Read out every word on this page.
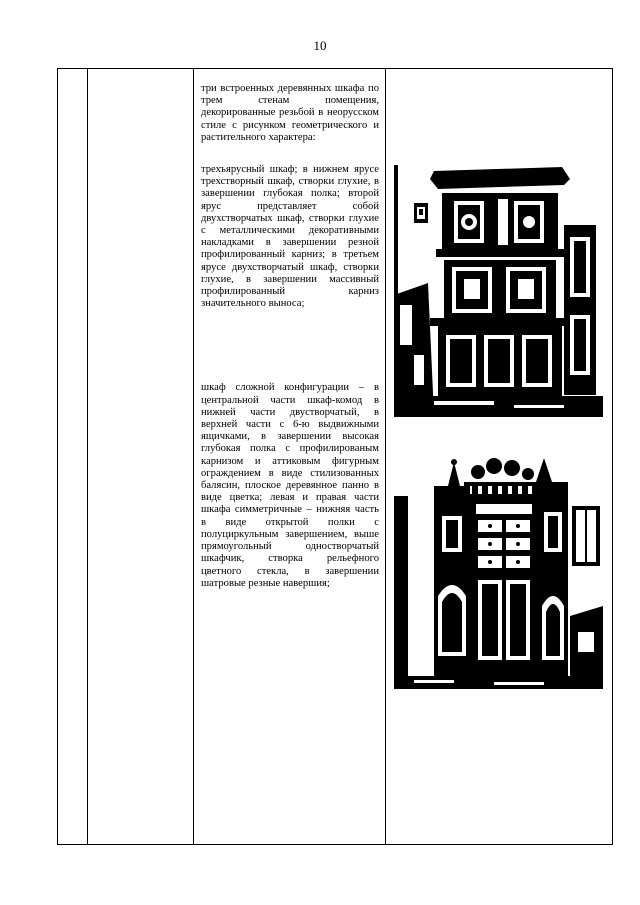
10

три встроенных деревянных шкафа по трем стенам помещения, декорированные резьбой в неорусском стиле с рисунком геометрического и растительного характера:

трехъярусный шкаф; в нижнем ярусе трехстворный шкаф, створки глухие, в завершении глубокая полка; второй ярус представляет собой двухстворчатых шкаф, створки глухие с металлическими декоративными накладками в завершении резной профилированный карниз; в третьем ярусе двухстворчатый шкаф, створки глухие, в завершении массивный профилированный карниз значительного выноса;

шкаф сложной конфигурации – в центральной части шкаф-комод в нижней части двустворчатый, в верхней части с 6-ю выдвижными ящичками, в завершении высокая глубокая полка с профилированым карнизом и аттиковым фигурным ограждением в виде стилизованных балясин, плоское деревянное панно в виде цветка; левая и правая части шкафа симметричные – нижняя часть в виде открытой полки с полуциркульным завершением, выше прямоугольный одностворчатый шкафчик, створка рельефного цветного стекла, в завершении шатровые резные навершия;
